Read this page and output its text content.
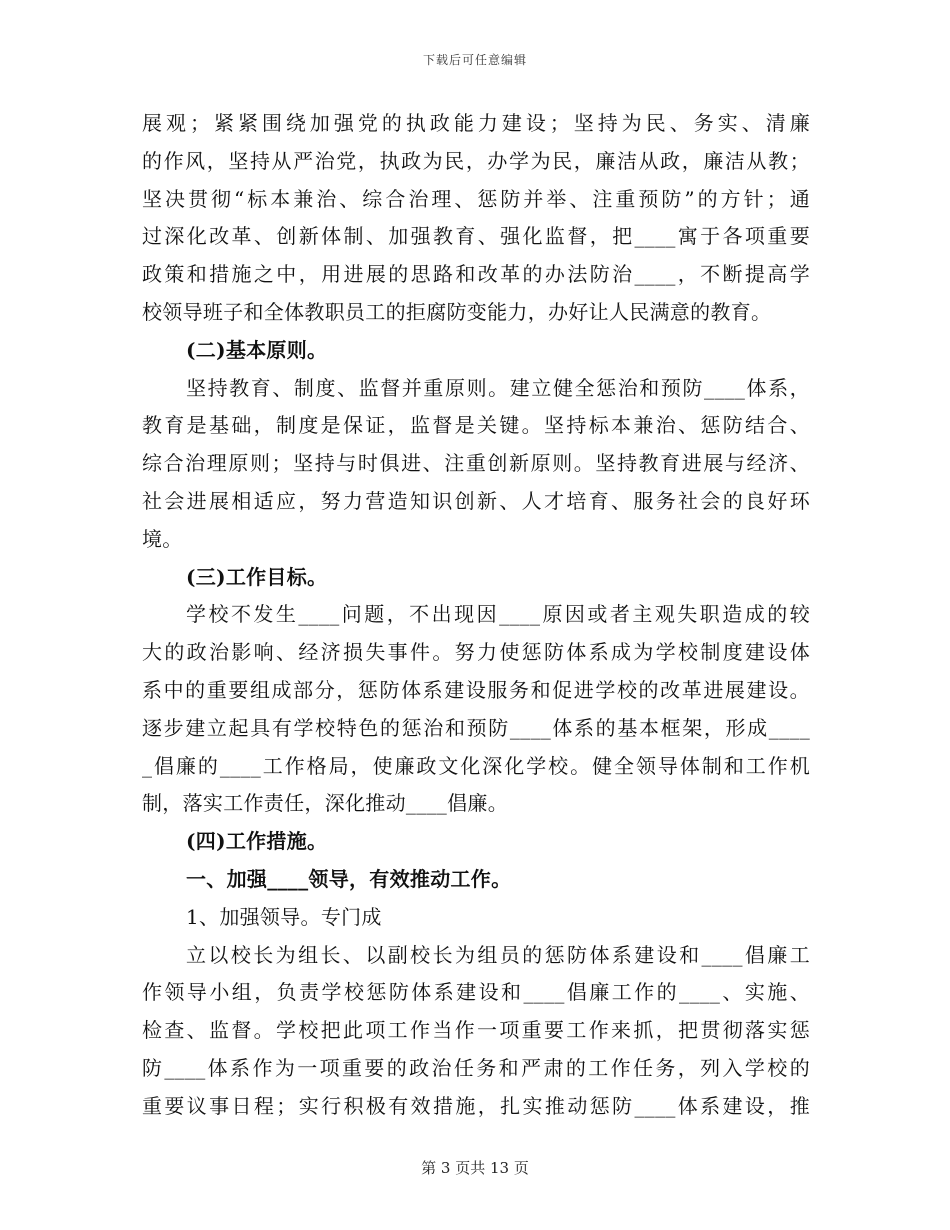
下载后可任意编辑
展观；紧紧围绕加强党的执政能力建设；坚持为民、务实、清廉
的作风，坚持从严治党，执政为民，办学为民，廉洁从政，廉洁从教；
坚决贯彻“标本兼治、综合治理、惩防并举、注重预防”的方针；通
过深化改革、创新体制、加强教育、强化监督，把____寓于各项重要
政策和措施之中，用进展的思路和改革的办法防治____，不断提高学
校领导班子和全体教职员工的拒腐防变能力，办好让人民满意的教育。
(二)基本原则。
坚持教育、制度、监督并重原则。建立健全惩治和预防____体系，
教育是基础，制度是保证，监督是关键。坚持标本兼治、惩防结合、
综合治理原则；坚持与时俱进、注重创新原则。坚持教育进展与经济、
社会进展相适应，努力营造知识创新、人才培育、服务社会的良好环
境。
(三)工作目标。
学校不发生____问题，不出现因____原因或者主观失职造成的较
大的政治影响、经济损失事件。努力使惩防体系成为学校制度建设体
系中的重要组成部分，惩防体系建设服务和促进学校的改革进展建设。
逐步建立起具有学校特色的惩治和预防____体系的基本框架，形成____
_倡廉的____工作格局，使廉政文化深化学校。健全领导体制和工作机
制，落实工作责任，深化推动____倡廉。
(四)工作措施。
一、加强____领导，有效推动工作。
1、加强领导。专门成
立以校长为组长、以副校长为组员的惩防体系建设和____倡廉工
作领导小组，负责学校惩防体系建设和____倡廉工作的____、实施、
检查、监督。学校把此项工作当作一项重要工作来抓，把贯彻落实惩
防____体系作为一项重要的政治任务和严肃的工作任务，列入学校的
重要议事日程；实行积极有效措施，扎实推动惩防____体系建设，推
第 3 页共 13 页
